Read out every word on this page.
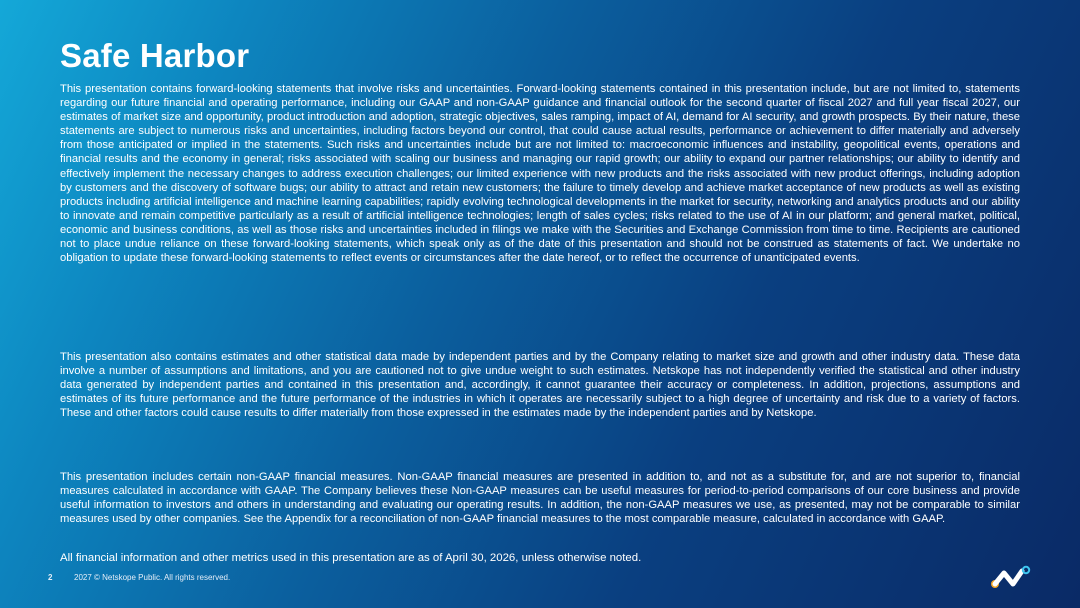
Safe Harbor

This presentation contains forward-looking statements that involve risks and uncertainties. Forward-looking statements contained in this presentation include, but are not limited to, statements regarding our future financial and operating performance, including our GAAP and non-GAAP guidance and financial outlook for the second quarter of fiscal 2027 and full year fiscal 2027, our estimates of market size and opportunity, product introduction and adoption, strategic objectives, sales ramping, impact of AI, demand for AI security, and growth prospects. By their nature, these statements are subject to numerous risks and uncertainties, including factors beyond our control, that could cause actual results, performance or achievement to differ materially and adversely from those anticipated or implied in the statements. Such risks and uncertainties include but are not limited to: macroeconomic influences and instability, geopolitical events, operations and financial results and the economy in general; risks associated with scaling our business and managing our rapid growth; our ability to expand our partner relationships; our ability to identify and effectively implement the necessary changes to address execution challenges; our limited experience with new products and the risks associated with new product offerings, including adoption by customers and the discovery of software bugs; our ability to attract and retain new customers; the failure to timely develop and achieve market acceptance of new products as well as existing products including artificial intelligence and machine learning capabilities; rapidly evolving technological developments in the market for security, networking and analytics products and our ability to innovate and remain competitive particularly as a result of artificial intelligence technologies; length of sales cycles; risks related to the use of AI in our platform; and general market, political, economic and business conditions, as well as those risks and uncertainties included in filings we make with the Securities and Exchange Commission from time to time. Recipients are cautioned not to place undue reliance on these forward-looking statements, which speak only as of the date of this presentation and should not be construed as statements of fact. We undertake no obligation to update these forward-looking statements to reflect events or circumstances after the date hereof, or to reflect the occurrence of unanticipated events.

This presentation also contains estimates and other statistical data made by independent parties and by the Company relating to market size and growth and other industry data. These data involve a number of assumptions and limitations, and you are cautioned not to give undue weight to such estimates. Netskope has not independently verified the statistical and other industry data generated by independent parties and contained in this presentation and, accordingly, it cannot guarantee their accuracy or completeness. In addition, projections, assumptions and estimates of its future performance and the future performance of the industries in which it operates are necessarily subject to a high degree of uncertainty and risk due to a variety of factors. These and other factors could cause results to differ materially from those expressed in the estimates made by the independent parties and by Netskope.

This presentation includes certain non-GAAP financial measures. Non-GAAP financial measures are presented in addition to, and not as a substitute for, and are not superior to, financial measures calculated in accordance with GAAP. The Company believes these Non-GAAP measures can be useful measures for period-to-period comparisons of our core business and provide useful information to investors and others in understanding and evaluating our operating results. In addition, the non-GAAP measures we use, as presented, may not be comparable to similar measures used by other companies. See the Appendix for a reconciliation of non-GAAP financial measures to the most comparable measure, calculated in accordance with GAAP.

All financial information and other metrics used in this presentation are as of April 30, 2026, unless otherwise noted.

2	2027 © Netskope Public. All rights reserved.
